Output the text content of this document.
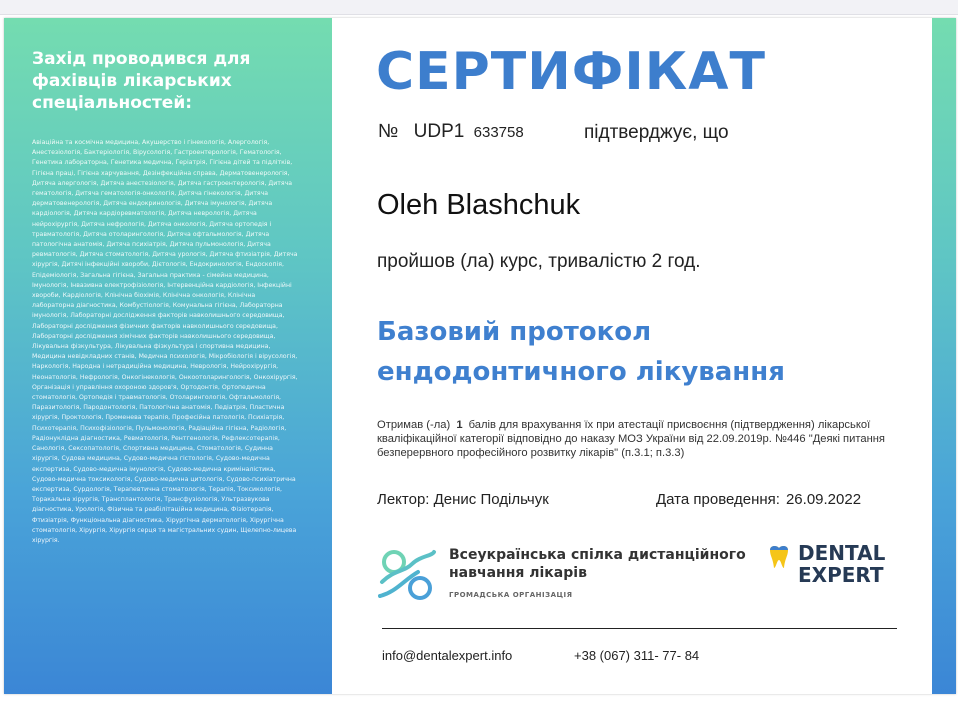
Захід проводився для фахівців лікарських спеціальностей:
Авіаційна та космічна медицина, Акушерство і гінекологія, Алергологія, Анестезіологія, Бактеріологія, Вірусологія, Гастроентерологія, Гематологія, Генетика лабораторна, Генетика медична, Геріатрія, Гігієна дітей та підлітків, Гігієна праці, Гігієна харчування, Дезінфекційна справа, Дерматовенерологія, Дитяча алергологія, Дитяча анестезіологія, Дитяча гастроентерологія, Дитяча гематологія, Дитяча гематологія-онкологія, Дитяча гінекологія, Дитяча дерматовенерологія, Дитяча ендокринологія, Дитяча імунологія, Дитяча кардіологія, Дитяча кардіоревматологія, Дитяча неврологія, Дитяча нейрохірургія, Дитяча нефрологія, Дитяча онкологія, Дитяча ортопедія і травматологія, Дитяча отоларингологія, Дитяча офтальмологія, Дитяча патологічна анатомія, Дитяча психіатрія, Дитяча пульмонологія, Дитяча ревматологія, Дитяча стоматологія, Дитяча урологія, Дитяча фтизіатрія, Дитяча хірургія, Дитячі інфекційні хвороби, Дієтологія, Ендокринологія, Ендоскопія, Епідеміологія, Загальна гігієна, Загальна практика - сімейна медицина, Імунологія, Інвазивна електрофізіологія, Інтервенційна кардіологія, Інфекційні хвороби, Кардіологія, Клінічна біохімія, Клінічна онкологія, Клінічна лабораторна діагностика, Комбустіологія, Комунальна гігієна, Лабораторна імунологія, Лабораторні дослідження факторів навколишнього середовища, Лабораторні дослідження фізичних факторів навколишнього середовища, Лабораторні дослідження хімічних факторів навколишнього середовища, Лікувальна фізкультура, Лікувальна фізкультура і спортивна медицина, Медицина невідкладних станів, Медична психологія, Мікробіологія і вірусологія, Наркологія, Народна і нетрадиційна медицина, Неврологія, Нейрохірургія, Неонатологія, Нефрологія, Онкогінекологія, Онкоотоларингологія, Онкохірургія, Організація і управління охороною здоров'я, Ортодонтія, Ортопедична стоматологія, Ортопедія і травматологія, Отоларингологія, Офтальмологія, Паразитологія, Пародонтологія, Патологічна анатомія, Педіатрія, Пластична хірургія, Проктологія, Променева терапія, Професійна патологія, Психіатрія, Психотерапія, Психофізіологія, Пульмонологія, Радіаційна гігієна, Радіологія, Радіонуклідна діагностика, Ревматологія, Рентгенологія, Рефлексотерапія, Санологія, Сексопатологія, Спортивна медицина, Стоматологія, Судинна хірургія, Судова медицина, Судово-медична гістологія, Судово-медична експертиза, Судово-медична імунологія, Судово-медична криміналістика, Судово-медична токсикологія, Судово-медична цитологія, Судово-психіатрична експертиза, Сурдологія, Терапевтична стоматологія, Терапія, Токсикологія, Торакальна хірургія, Трансплантологія, Трансфузіологія, Ультразвукова діагностика, Урологія, Фізична та реабілітаційна медицина, Фізіотерапія, Фтизіатрія, Функціональна діагностика, Хірургічна дерматологія, Хірургічна стоматологія, Хірургія, Хірургія серця та магістральних судин, Щелепно-лицева хірургія.
СЕРТИФІКАТ
№ UDP1 633758	підтверджує, що
Oleh Blashchuk
пройшов (ла) курс, тривалістю 2 год.
Базовий протокол ендодонтичного лікування
Отримав (-ла) 1 балів для врахування їх при атестації присвоєння (підтвердження) лікарської кваліфікаційної категорії відповідно до наказу МОЗ України від 22.09.2019р. №446 "Деякі питання безперервного професійного розвитку лікарів" (п.3.1; п.3.3)
Лектор: Денис Подільчук	Дата проведення: 26.09.2022
Всеукраїнська спілка дистанційного навчання лікарів
ГРОМАДСЬКА ОРГАНІЗАЦІЯ
DENTAL
EXPERT
info@dentalexpert.info	+38 (067) 311- 77- 84
